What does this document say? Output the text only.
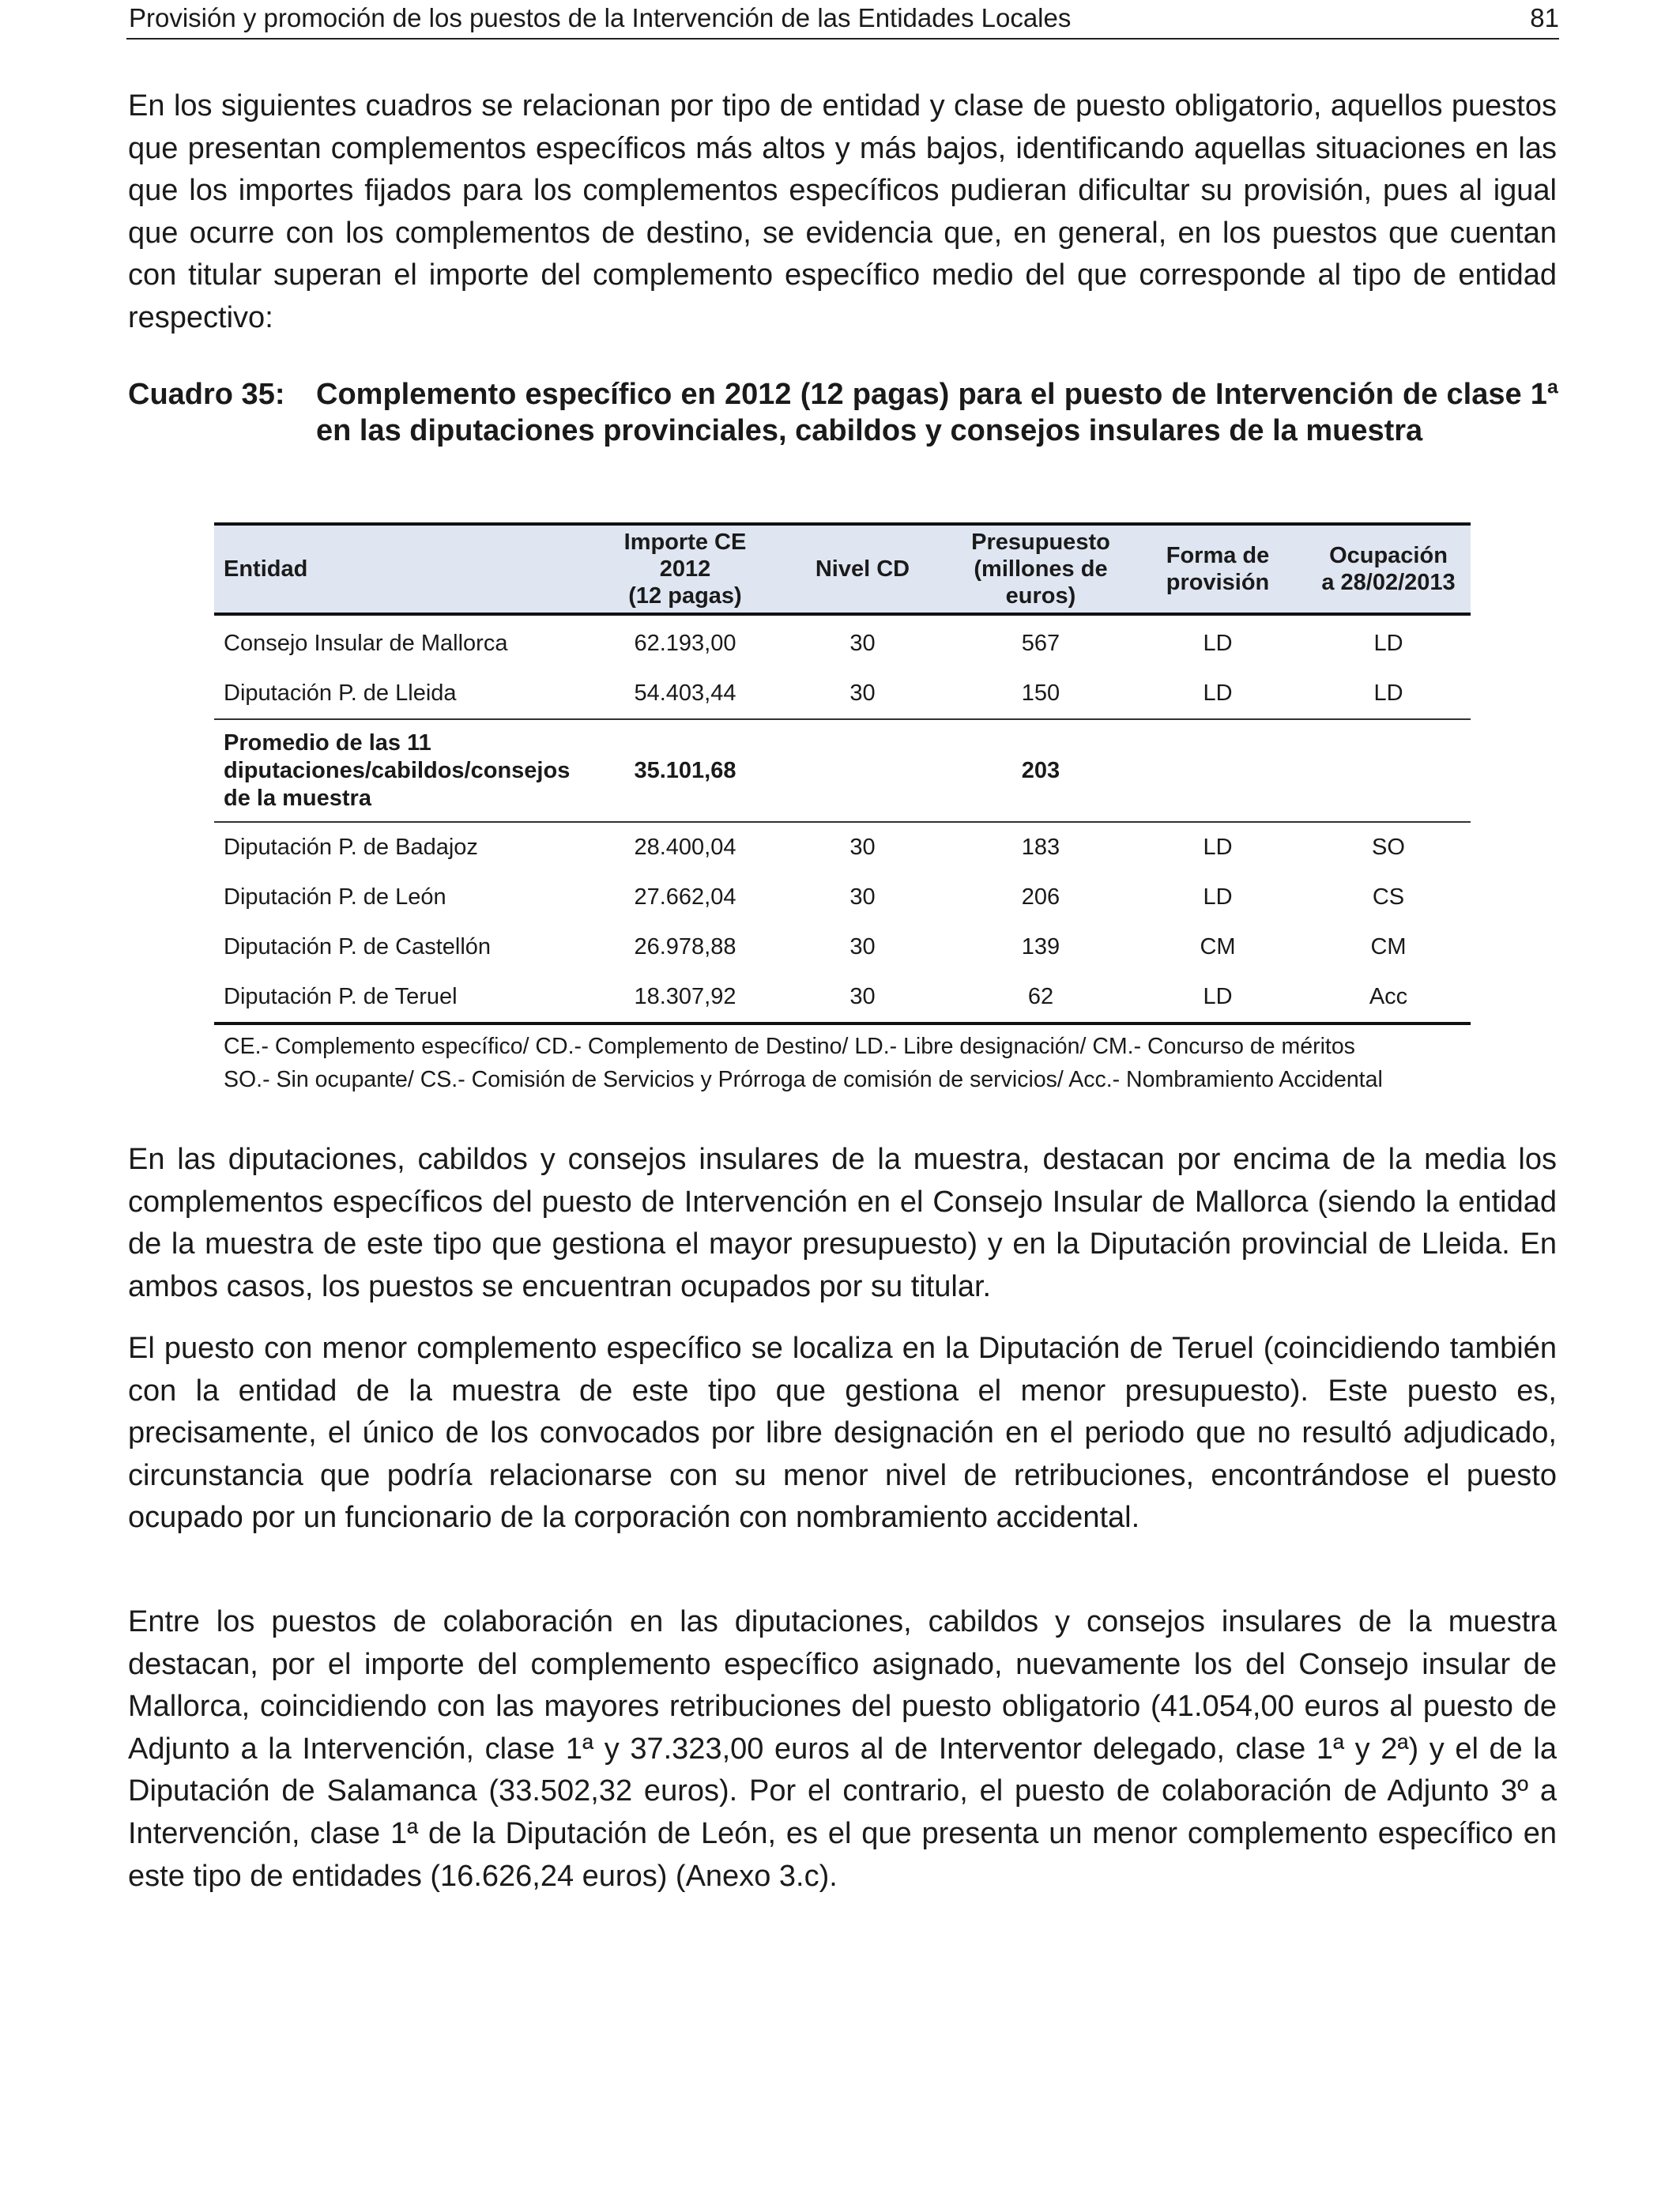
Provisión y promoción de los puestos de la Intervención de las Entidades Locales	81

En los siguientes cuadros se relacionan por tipo de entidad y clase de puesto obligatorio, aquellos puestos que presentan complementos específicos más altos y más bajos, identificando aquellas situaciones en las que los importes fijados para los complementos específicos pudieran dificultar su provisión, pues al igual que ocurre con los complementos de destino, se evidencia que, en general, en los puestos que cuentan con titular superan el importe del complemento específico medio del que corresponde al tipo de entidad respectivo:

Cuadro 35: Complemento específico en 2012 (12 pagas) para el puesto de Intervención de clase 1ª en las diputaciones provinciales, cabildos y consejos insulares de la muestra
Entidad	Importe CE
2012
(12 pagas)	Nivel CD	Presupuesto
(millones de
euros)	Forma de
provisión	Ocupación
a 28/02/2013
Consejo Insular de Mallorca	62.193,00	30	567	LD	LD
Diputación P. de Lleida	54.403,44	30	150	LD	LD
Promedio de las 11
diputaciones/cabildos/consejos
de la muestra	35.101,68		203		
Diputación P. de Badajoz	28.400,04	30	183	LD	SO
Diputación P. de León	27.662,04	30	206	LD	CS
Diputación P. de Castellón	26.978,88	30	139	CM	CM
Diputación P. de Teruel	18.307,92	30	62	LD	Acc
CE.- Complemento específico/ CD.- Complemento de Destino/ LD.- Libre designación/ CM.- Concurso de méritos
SO.- Sin ocupante/ CS.- Comisión de Servicios y Prórroga de comisión de servicios/ Acc.- Nombramiento Accidental

En las diputaciones, cabildos y consejos insulares de la muestra, destacan por encima de la media los complementos específicos del puesto de Intervención en el Consejo Insular de Mallorca (siendo la entidad de la muestra de este tipo que gestiona el mayor presupuesto) y en la Diputación provincial de Lleida. En ambos casos, los puestos se encuentran ocupados por su titular.

El puesto con menor complemento específico se localiza en la Diputación de Teruel (coincidiendo también con la entidad de la muestra de este tipo que gestiona el menor presupuesto). Este puesto es, precisamente, el único de los convocados por libre designación en el periodo que no resultó adjudicado, circunstancia que podría relacionarse con su menor nivel de retribuciones, encontrándose el puesto ocupado por un funcionario de la corporación con nombramiento accidental.

Entre los puestos de colaboración en las diputaciones, cabildos y consejos insulares de la muestra destacan, por el importe del complemento específico asignado, nuevamente los del Consejo insular de Mallorca, coincidiendo con las mayores retribuciones del puesto obligatorio (41.054,00 euros al puesto de Adjunto a la Intervención, clase 1ª y 37.323,00 euros al de Interventor delegado, clase 1ª y 2ª) y el de la Diputación de Salamanca (33.502,32 euros). Por el contrario, el puesto de colaboración de Adjunto 3º a Intervención, clase 1ª de la Diputación de León, es el que presenta un menor complemento específico en este tipo de entidades (16.626,24 euros) (Anexo 3.c).
